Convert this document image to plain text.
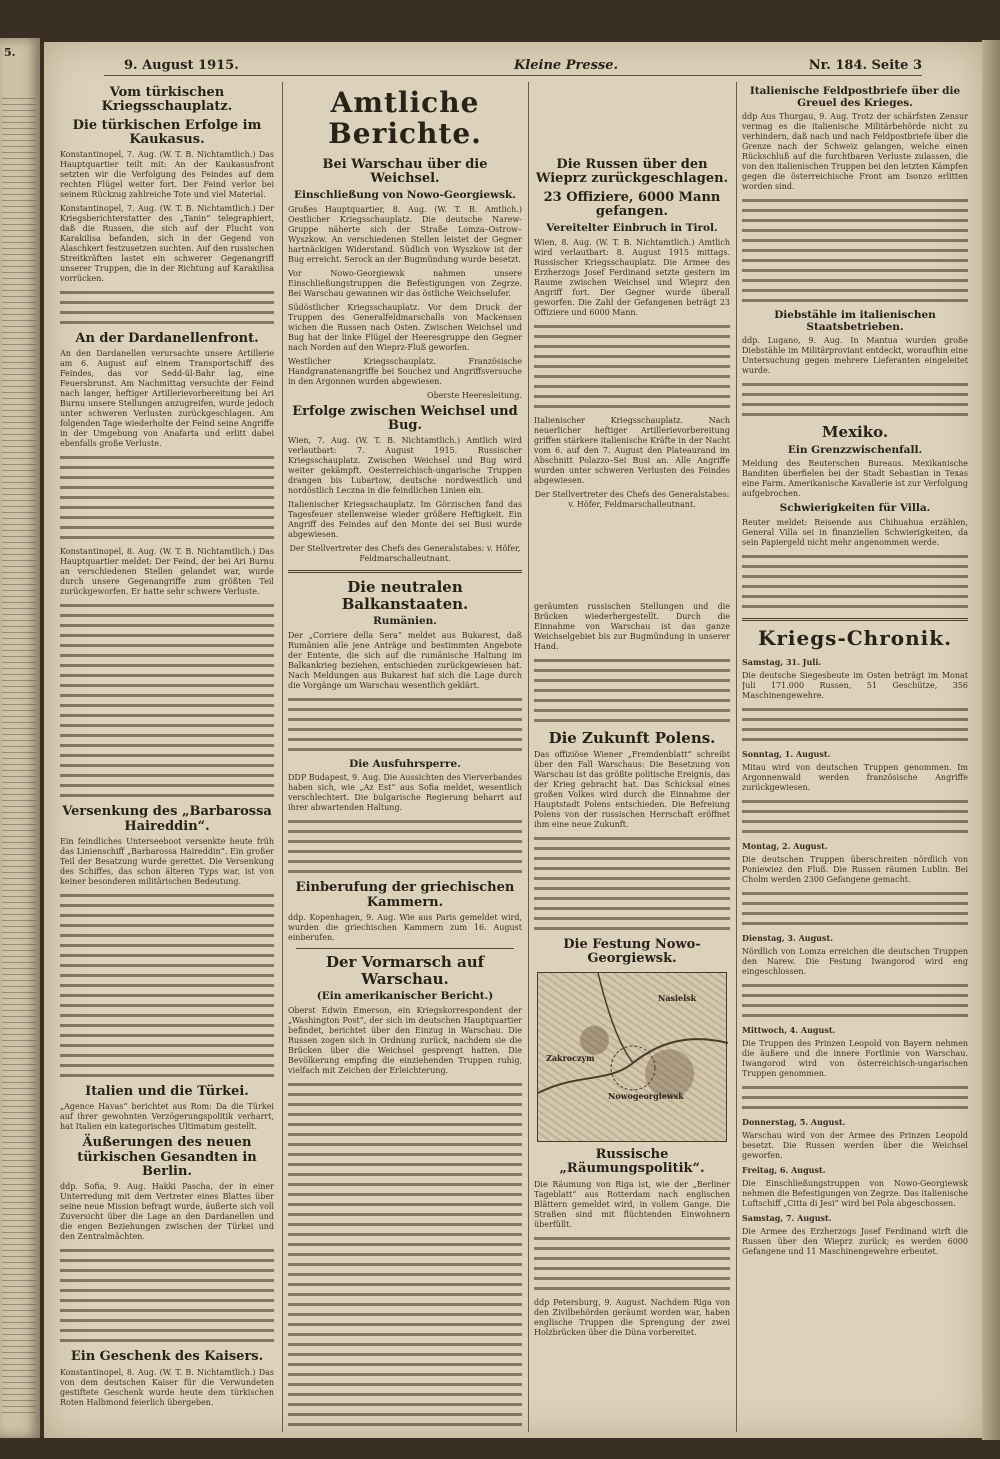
5.
9. August 1915.	Kleine Presse.	Nr. 184. Seite 3
Vom türkischen Kriegsschauplatz.
Die türkischen Erfolge im Kaukasus.
Konstantinopel, 7. Aug. (W. T. B. Nichtamtlich.) Das Hauptquartier teilt mit: An der Kaukasusfront setzten wir die Verfolgung des Feindes auf dem rechten Flügel weiter fort. Der Feind verlor bei seinem Rückzug zahlreiche Tote und viel Material.
Konstantinopel, 7. Aug. (W. T. B. Nichtamtlich.) Der Kriegsberichterstatter des „Tanin“ telegraphiert, daß die Russen, die sich auf der Flucht von Karakilisa befanden, sich in der Gegend von Alaschkert festzusetzen suchten. Auf den russischen Streitkräften lastet ein schwerer Gegenangriff unserer Truppen, die in der Richtung auf Karakilisa vorrücken.
An der Dardanellenfront.
An den Dardanellen verursachte unsere Artillerie am 6. August auf einem Transportschiff des Feindes, das vor Sedd-ül-Bahr lag, eine Feuersbrunst. Am Nachmittag versuchte der Feind nach langer, heftiger Artillerievorbereitung bei Ari Burnu unsere Stellungen anzugreifen, wurde jedoch unter schweren Verlusten zurückgeschlagen. Am folgenden Tage wiederholte der Feind seine Angriffe in der Umgebung von Anafarta und erlitt dabei ebenfalls große Verluste.
Konstantinopel, 8. Aug. (W. T. B. Nichtamtlich.) Das Hauptquartier meldet: Der Feind, der bei Ari Burnu an verschiedenen Stellen gelandet war, wurde durch unsere Gegenangriffe zum größten Teil zurückgeworfen. Er hatte sehr schwere Verluste.
Versenkung des „Barbarossa Haireddin“.
Ein feindliches Unterseeboot versenkte heute früh das Linienschiff „Barbarossa Haireddin“. Ein großer Teil der Besatzung wurde gerettet. Die Versenkung des Schiffes, das schon älteren Typs war, ist von keiner besonderen militärischen Bedeutung.
Italien und die Türkei.
„Agence Havas“ berichtet aus Rom: Da die Türkei auf ihrer gewohnten Verzögerungspolitik verharrt, hat Italien ein kategorisches Ultimatum gestellt.
Äußerungen des neuen türkischen Gesandten in Berlin.
ddp. Sofia, 9. Aug. Hakki Pascha, der in einer Unterredung mit dem Vertreter eines Blattes über seine neue Mission befragt wurde, äußerte sich voll Zuversicht über die Lage an den Dardanellen und die engen Beziehungen zwischen der Türkei und den Zentralmächten.
Ein Geschenk des Kaisers.
Konstantinopel, 8. Aug. (W. T. B. Nichtamtlich.) Das von dem deutschen Kaiser für die Verwundeten gestiftete Geschenk wurde heute dem türkischen Roten Halbmond feierlich übergeben.
Amtliche Berichte.
Bei Warschau über die Weichsel.
Einschließung von Nowo-Georgiewsk.
Großes Hauptquartier, 8. Aug. (W. T. B. Amtlich.) Oestlicher Kriegsschauplatz. Die deutsche Narew-Gruppe näherte sich der Straße Lomza–Ostrow–Wyszkow. An verschiedenen Stellen leistet der Gegner hartnäckigen Widerstand. Südlich von Wyszkow ist der Bug erreicht. Serock an der Bugmündung wurde besetzt.
Vor Nowo-Georgiewsk nahmen unsere Einschließungstruppen die Befestigungen von Zegrze. Bei Warschau gewannen wir das östliche Weichselufer.
Südöstlicher Kriegsschauplatz. Vor dem Druck der Truppen des Generalfeldmarschalls von Mackensen wichen die Russen nach Osten. Zwischen Weichsel und Bug hat der linke Flügel der Heeresgruppe den Gegner nach Norden auf den Wieprz-Fluß geworfen.
Westlicher Kriegsschauplatz. Französische Handgranatenangriffe bei Souchez und Angriffsversuche in den Argonnen wurden abgewiesen.
Oberste Heeresleitung.
Erfolge zwischen Weichsel und Bug.
Wien, 7. Aug. (W. T. B. Nichtamtlich.) Amtlich wird verlautbart: 7. August 1915. Russischer Kriegsschauplatz. Zwischen Weichsel und Bug wird weiter gekämpft. Oesterreichisch-ungarische Truppen drangen bis Lubartow, deutsche nordwestlich und nordöstlich Leczna in die feindlichen Linien ein.
Italienischer Kriegsschauplatz. Im Görzischen fand das Tagesfeuer stellenweise wieder größere Heftigkeit. Ein Angriff des Feindes auf den Monte dei sei Busi wurde abgewiesen.
Der Stellvertreter des Chefs des Generalstabes: v. Höfer, Feldmarschalleutnant.
Die neutralen Balkanstaaten.
Rumänien.
Der „Corriere della Sera“ meldet aus Bukarest, daß Rumänien alle jene Anträge und bestimmten Angebote der Entente, die sich auf die rumänische Haltung im Balkankrieg beziehen, entschieden zurückgewiesen hat. Nach Meldungen aus Bukarest hat sich die Lage durch die Vorgänge um Warschau wesentlich geklärt.
Die Ausfuhrsperre.
DDP Budapest, 9. Aug. Die Aussichten des Vierverbandes haben sich, wie „Az Est“ aus Sofia meldet, wesentlich verschlechtert. Die bulgarische Regierung beharrt auf ihrer abwartenden Haltung.
Einberufung der griechischen Kammern.
ddp. Kopenhagen, 9. Aug. Wie aus Paris gemeldet wird, wurden die griechischen Kammern zum 16. August einberufen.
Der Vormarsch auf Warschau.
(Ein amerikanischer Bericht.)
Oberst Edwin Emerson, ein Kriegskorrespondent der „Washington Post“, der sich im deutschen Hauptquartier befindet, berichtet über den Einzug in Warschau. Die Russen zogen sich in Ordnung zurück, nachdem sie die Brücken über die Weichsel gesprengt hatten. Die Bevölkerung empfing die einziehenden Truppen ruhig, vielfach mit Zeichen der Erleichterung.
Die Russen über den Wieprz zurückgeschlagen.
23 Offiziere, 6000 Mann gefangen.
Vereitelter Einbruch in Tirol.
Wien, 8. Aug. (W. T. B. Nichtamtlich.) Amtlich wird verlautbart: 8. August 1915 mittags. Russischer Kriegsschauplatz. Die Armee des Erzherzogs Josef Ferdinand setzte gestern im Raume zwischen Weichsel und Wieprz den Angriff fort. Der Gegner wurde überall geworfen. Die Zahl der Gefangenen beträgt 23 Offiziere und 6000 Mann.
Italienischer Kriegsschauplatz. Nach neuerlicher heftiger Artillerievorbereitung griffen stärkere italienische Kräfte in der Nacht vom 6. auf den 7. August den Plateaurand im Abschnitt Polazzo–Sei Busi an. Alle Angriffe wurden unter schweren Verlusten des Feindes abgewiesen.
Der Stellvertreter des Chefs des Generalstabes: v. Höfer, Feldmarschalleutnant.
geräumten russischen Stellungen und die Brücken wiederhergestellt. Durch die Einnahme von Warschau ist das ganze Weichselgebiet bis zur Bugmündung in unserer Hand.
Die Zukunft Polens.
Das offiziöse Wiener „Fremdenblatt“ schreibt über den Fall Warschaus: Die Besetzung von Warschau ist das größte politische Ereignis, das der Krieg gebracht hat. Das Schicksal eines großen Volkes wird durch die Einnahme der Hauptstadt Polens entschieden. Die Befreiung Polens von der russischen Herrschaft eröffnet ihm eine neue Zukunft.
Die Festung Nowo-Georgiewsk.
Nasielsk
Nowogeorgiewsk
Zakroczym
Russische „Räumungspolitik“.
Die Räumung von Riga ist, wie der „Berliner Tageblatt“ aus Rotterdam nach englischen Blättern gemeldet wird, in vollem Gange. Die Straßen sind mit flüchtenden Einwohnern überfüllt.
ddp Petersburg, 9. August. Nachdem Riga von den Zivilbehörden geräumt worden war, haben englische Truppen die Sprengung der zwei Holzbrücken über die Düna vorbereitet.
Italienische Feldpostbriefe über die Greuel des Krieges.
ddp Aus Thurgau, 9. Aug. Trotz der schärfsten Zensur vermag es die italienische Militärbehörde nicht zu verhindern, daß nach und nach Feldpostbriefe über die Grenze nach der Schweiz gelangen, welche einen Rückschluß auf die furchtbaren Verluste zulassen, die von den italienischen Truppen bei den letzten Kämpfen gegen die österreichische Front am Isonzo erlitten worden sind.
Diebstähle im italienischen Staatsbetrieben.
ddp. Lugano, 9. Aug. In Mantua wurden große Diebstähle im Militärproviant entdeckt, woraufhin eine Untersuchung gegen mehrere Lieferanten eingeleitet wurde.
Mexiko.
Ein Grenzzwischenfall.
Meldung des Reuterschen Bureaus. Mexikanische Banditen überfielen bei der Stadt Sebastian in Texas eine Farm. Amerikanische Kavallerie ist zur Verfolgung aufgebrochen.
Schwierigkeiten für Villa.
Reuter meldet: Reisende aus Chihuahua erzählen, General Villa sei in finanziellen Schwierigkeiten, da sein Papiergeld nicht mehr angenommen werde.
Kriegs-Chronik.
Samstag, 31. Juli.
Die deutsche Siegesbeute im Osten beträgt im Monat Juli 171.000 Russen, 51 Geschütze, 356 Maschinengewehre.
Sonntag, 1. August.
Mitau wird von deutschen Truppen genommen. Im Argonnenwald werden französische Angriffe zurückgewiesen.
Montag, 2. August.
Die deutschen Truppen überschreiten nördlich von Poniewiez den Fluß. Die Russen räumen Lublin. Bei Cholm werden 2300 Gefangene gemacht.
Dienstag, 3. August.
Nördlich von Lomza erreichen die deutschen Truppen den Narew. Die Festung Iwangorod wird eng eingeschlossen.
Mittwoch, 4. August.
Die Truppen des Prinzen Leopold von Bayern nehmen die äußere und die innere Fortlinie von Warschau. Iwangorod wird von österreichisch-ungarischen Truppen genommen.
Donnerstag, 5. August.
Warschau wird von der Armee des Prinzen Leopold besetzt. Die Russen werden über die Weichsel geworfen.
Freitag, 6. August.
Die Einschließungstruppen von Nowo-Georgiewsk nehmen die Befestigungen von Zegrze. Das italienische Luftschiff „Citta di Jesi“ wird bei Pola abgeschossen.
Samstag, 7. August.
Die Armee des Erzherzogs Josef Ferdinand wirft die Russen über den Wieprz zurück; es werden 6000 Gefangene und 11 Maschinengewehre erbeutet.
